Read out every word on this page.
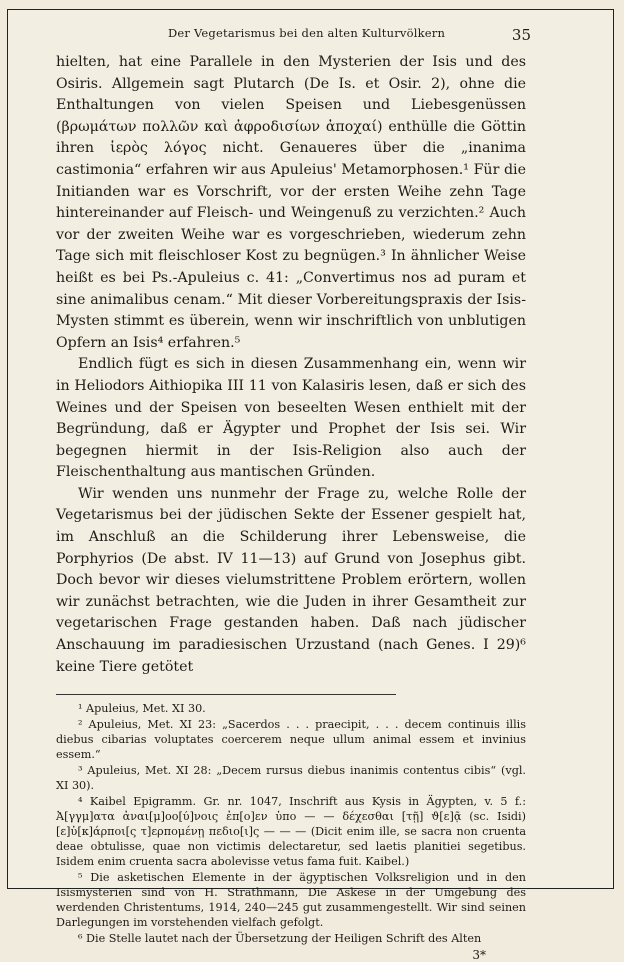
Der Vegetarismus bei den alten Kulturvölkern	35

hielten, hat eine Parallele in den Mysterien der Isis und des Osiris. Allgemein sagt Plutarch (De Is. et Osir. 2), ohne die Enthaltungen von vielen Speisen und Liebesgenüssen (βρωμάτων πολλῶν καὶ ἀφροδισίων ἀποχαί) enthülle die Göttin ihren ἱερὸς λόγος nicht. Genaueres über die „inanima castimonia“ erfahren wir aus Apuleius' Metamorphosen.¹ Für die Initianden war es Vorschrift, vor der ersten Weihe zehn Tage hintereinander auf Fleisch- und Weingenuß zu verzichten.² Auch vor der zweiten Weihe war es vorgeschrieben, wiederum zehn Tage sich mit fleischloser Kost zu begnügen.³ In ähnlicher Weise heißt es bei Ps.-Apuleius c. 41: „Convertimus nos ad puram et sine animalibus cenam.“ Mit dieser Vorbereitungspraxis der Isis-Mysten stimmt es überein, wenn wir inschriftlich von unblutigen Opfern an Isis⁴ erfahren.⁵

Endlich fügt es sich in diesen Zusammenhang ein, wenn wir in Heliodors Aithiopika III 11 von Kalasiris lesen, daß er sich des Weines und der Speisen von beseelten Wesen enthielt mit der Begründung, daß er Ägypter und Prophet der Isis sei. Wir begegnen hiermit in der Isis-Religion also auch der Fleischenthaltung aus mantischen Gründen.

Wir wenden uns nunmehr der Frage zu, welche Rolle der Vegetarismus bei der jüdischen Sekte der Essener gespielt hat, im Anschluß an die Schilderung ihrer Lebensweise, die Porphyrios (De abst. IV 11—13) auf Grund von Josephus gibt. Doch bevor wir dieses vielumstrittene Problem erörtern, wollen wir zunächst betrachten, wie die Juden in ihrer Gesamtheit zur vegetarischen Frage gestanden haben. Daß nach jüdischer Anschauung im paradiesischen Urzustand (nach Genes. I 29)⁶ keine Tiere getötet

¹ Apuleius, Met. XI 30.

² Apuleius, Met. XI 23: „Sacerdos . . . praecipit, . . . decem continuis illis diebus cibarias voluptates coercerem neque ullum animal essem et invinius essem.“

³ Apuleius, Met. XI 28: „Decem rursus diebus inanimis contentus cibis“ (vgl. XI 30).

⁴ Kaibel Epigramm. Gr. nr. 1047, Inschrift aus Kysis in Ägypten, v. 5 f.: Ἀ[γγμ]ατα ἀναι[μ]οο[ύ]νοις ἐπ[ο]εν ὑπο — — δέχεσθαι [τῇ] ϑ[ε]ᾷ (sc. Isidi) [ε]ὐ[κ]άρποι[ς τ]ερπομένῃ πεδιο[ι]ς — — — (Dicit enim ille, se sacra non cruenta deae obtulisse, quae non victimis delectaretur, sed laetis planitiei segetibus. Isidem enim cruenta sacra abolevisse vetus fama fuit. Kaibel.)

⁵ Die asketischen Elemente in der ägyptischen Volksreligion und in den Isismysterien sind von H. Strathmann, Die Askese in der Umgebung des werdenden Christentums, 1914, 240—245 gut zusammengestellt. Wir sind seinen Darlegungen im vorstehenden vielfach gefolgt.

⁶ Die Stelle lautet nach der Übersetzung der Heiligen Schrift des Alten

3*
